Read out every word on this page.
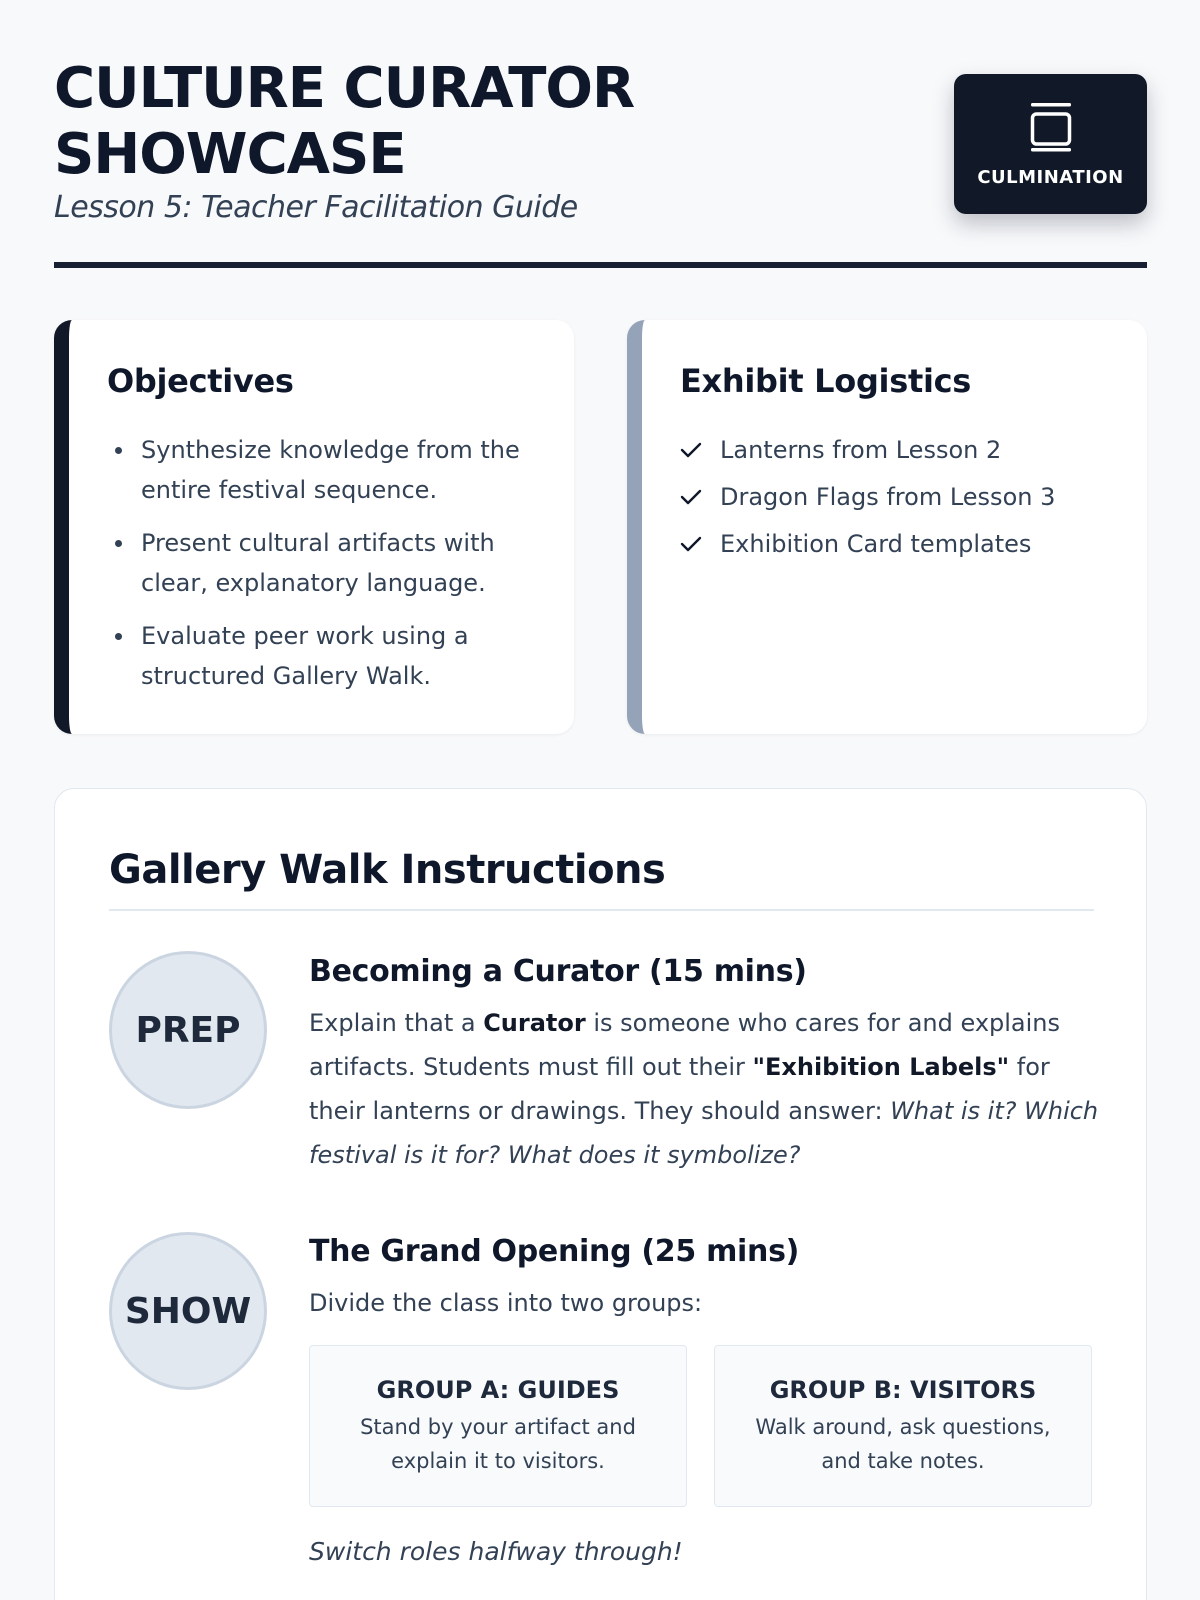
CULTURE CURATOR
SHOWCASE
Lesson 5: Teacher Facilitation Guide
CULMINATION
Objectives
Synthesize knowledge from the entire festival sequence.
Present cultural artifacts with clear, explanatory language.
Evaluate peer work using a structured Gallery Walk.
Exhibit Logistics
Lanterns from Lesson 2
Dragon Flags from Lesson 3
Exhibition Card templates
Gallery Walk Instructions
PREP
Becoming a Curator (15 mins)

Explain that a Curator is someone who cares for and explains artifacts. Students must fill out their "Exhibition Labels" for their lanterns or drawings. They should answer: What is it? Which festival is it for? What does it symbolize?

SHOW
The Grand Opening (25 mins)

Divide the class into two groups:

GROUP A: GUIDES
Stand by your artifact and explain it to visitors.
GROUP B: VISITORS
Walk around, ask questions, and take notes.
Switch roles halfway through!
